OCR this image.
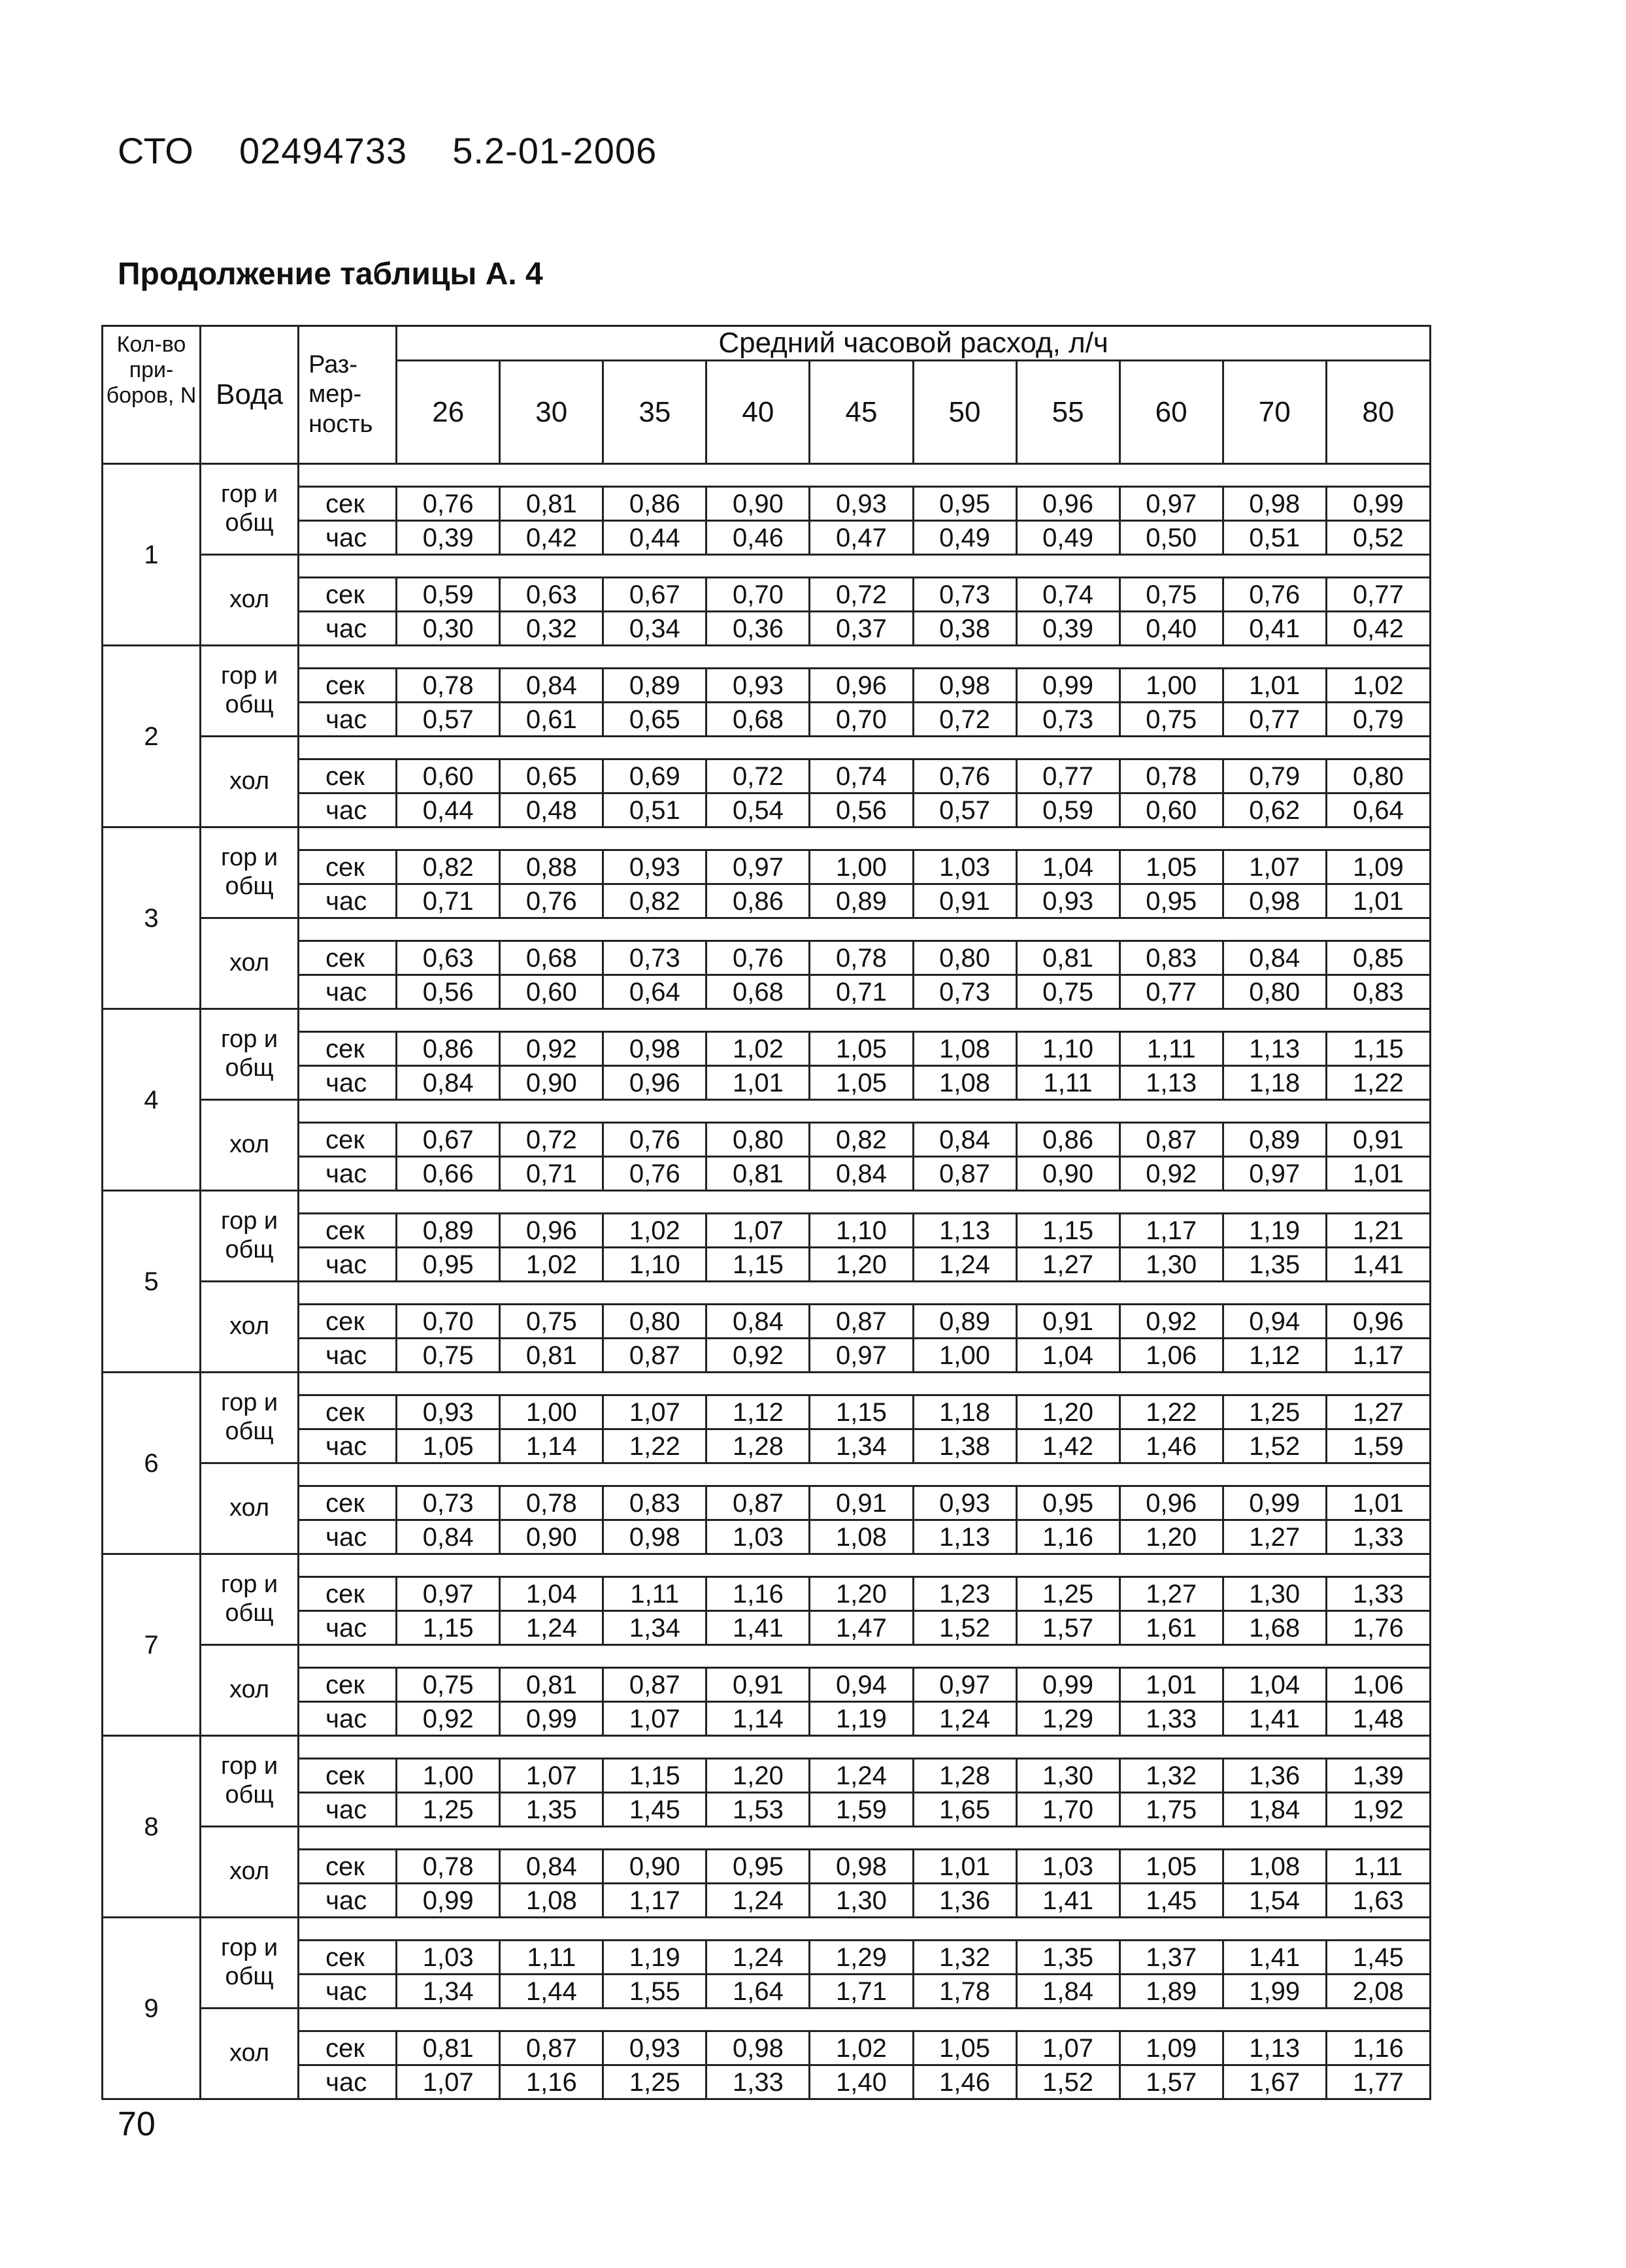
СТО  02494733  5.2-01-2006
Продолжение таблицы А. 4
Кол-во при-боров, N	Вода	Раз-мер-ность	Средний часовой расход, л/ч									
			26	30	35	40	45	50	55	60	70	80
1	гор и общ											
		сек	0,76	0,81	0,86	0,90	0,93	0,95	0,96	0,97	0,98	0,99
		час	0,39	0,42	0,44	0,46	0,47	0,49	0,49	0,50	0,51	0,52
	хол											
		сек	0,59	0,63	0,67	0,70	0,72	0,73	0,74	0,75	0,76	0,77
		час	0,30	0,32	0,34	0,36	0,37	0,38	0,39	0,40	0,41	0,42
2	гор и общ											
		сек	0,78	0,84	0,89	0,93	0,96	0,98	0,99	1,00	1,01	1,02
		час	0,57	0,61	0,65	0,68	0,70	0,72	0,73	0,75	0,77	0,79
	хол											
		сек	0,60	0,65	0,69	0,72	0,74	0,76	0,77	0,78	0,79	0,80
		час	0,44	0,48	0,51	0,54	0,56	0,57	0,59	0,60	0,62	0,64
3	гор и общ											
		сек	0,82	0,88	0,93	0,97	1,00	1,03	1,04	1,05	1,07	1,09
		час	0,71	0,76	0,82	0,86	0,89	0,91	0,93	0,95	0,98	1,01
	хол											
		сек	0,63	0,68	0,73	0,76	0,78	0,80	0,81	0,83	0,84	0,85
		час	0,56	0,60	0,64	0,68	0,71	0,73	0,75	0,77	0,80	0,83
4	гор и общ											
		сек	0,86	0,92	0,98	1,02	1,05	1,08	1,10	1,11	1,13	1,15
		час	0,84	0,90	0,96	1,01	1,05	1,08	1,11	1,13	1,18	1,22
	хол											
		сек	0,67	0,72	0,76	0,80	0,82	0,84	0,86	0,87	0,89	0,91
		час	0,66	0,71	0,76	0,81	0,84	0,87	0,90	0,92	0,97	1,01
5	гор и общ											
		сек	0,89	0,96	1,02	1,07	1,10	1,13	1,15	1,17	1,19	1,21
		час	0,95	1,02	1,10	1,15	1,20	1,24	1,27	1,30	1,35	1,41
	хол											
		сек	0,70	0,75	0,80	0,84	0,87	0,89	0,91	0,92	0,94	0,96
		час	0,75	0,81	0,87	0,92	0,97	1,00	1,04	1,06	1,12	1,17
6	гор и общ											
		сек	0,93	1,00	1,07	1,12	1,15	1,18	1,20	1,22	1,25	1,27
		час	1,05	1,14	1,22	1,28	1,34	1,38	1,42	1,46	1,52	1,59
	хол											
		сек	0,73	0,78	0,83	0,87	0,91	0,93	0,95	0,96	0,99	1,01
		час	0,84	0,90	0,98	1,03	1,08	1,13	1,16	1,20	1,27	1,33
7	гор и общ											
		сек	0,97	1,04	1,11	1,16	1,20	1,23	1,25	1,27	1,30	1,33
		час	1,15	1,24	1,34	1,41	1,47	1,52	1,57	1,61	1,68	1,76
	хол											
		сек	0,75	0,81	0,87	0,91	0,94	0,97	0,99	1,01	1,04	1,06
		час	0,92	0,99	1,07	1,14	1,19	1,24	1,29	1,33	1,41	1,48
8	гор и общ											
		сек	1,00	1,07	1,15	1,20	1,24	1,28	1,30	1,32	1,36	1,39
		час	1,25	1,35	1,45	1,53	1,59	1,65	1,70	1,75	1,84	1,92
	хол											
		сек	0,78	0,84	0,90	0,95	0,98	1,01	1,03	1,05	1,08	1,11
		час	0,99	1,08	1,17	1,24	1,30	1,36	1,41	1,45	1,54	1,63
9	гор и общ											
		сек	1,03	1,11	1,19	1,24	1,29	1,32	1,35	1,37	1,41	1,45
		час	1,34	1,44	1,55	1,64	1,71	1,78	1,84	1,89	1,99	2,08
	хол											
		сек	0,81	0,87	0,93	0,98	1,02	1,05	1,07	1,09	1,13	1,16
		час	1,07	1,16	1,25	1,33	1,40	1,46	1,52	1,57	1,67	1,77
70
